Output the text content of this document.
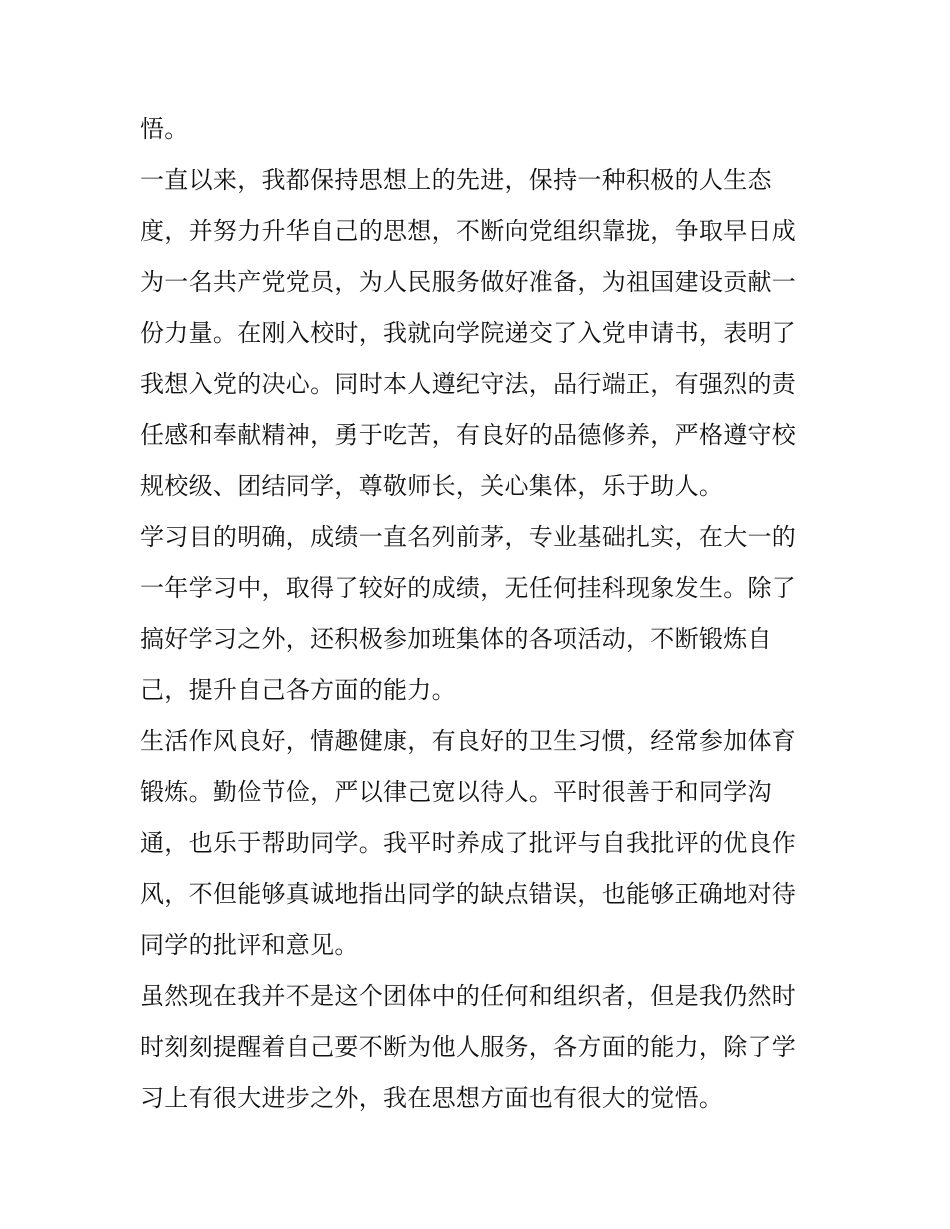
悟。
一直以来，我都保持思想上的先进，保持一种积极的人生态
度，并努力升华自己的思想，不断向党组织靠拢，争取早日成
为一名共产党党员，为人民服务做好准备，为祖国建设贡献一
份力量。在刚入校时，我就向学院递交了入党申请书，表明了
我想入党的决心。同时本人遵纪守法，品行端正，有强烈的责
任感和奉献精神，勇于吃苦，有良好的品德修养，严格遵守校
规校级、团结同学，尊敬师长，关心集体，乐于助人。
学习目的明确，成绩一直名列前茅，专业基础扎实，在大一的
一年学习中，取得了较好的成绩，无任何挂科现象发生。除了
搞好学习之外，还积极参加班集体的各项活动，不断锻炼自
己，提升自己各方面的能力。
生活作风良好，情趣健康，有良好的卫生习惯，经常参加体育
锻炼。勤俭节俭，严以律己宽以待人。平时很善于和同学沟
通，也乐于帮助同学。我平时养成了批评与自我批评的优良作
风，不但能够真诚地指出同学的缺点错误，也能够正确地对待
同学的批评和意见。
虽然现在我并不是这个团体中的任何和组织者，但是我仍然时
时刻刻提醒着自己要不断为他人服务，各方面的能力，除了学
习上有很大进步之外，我在思想方面也有很大的觉悟。
